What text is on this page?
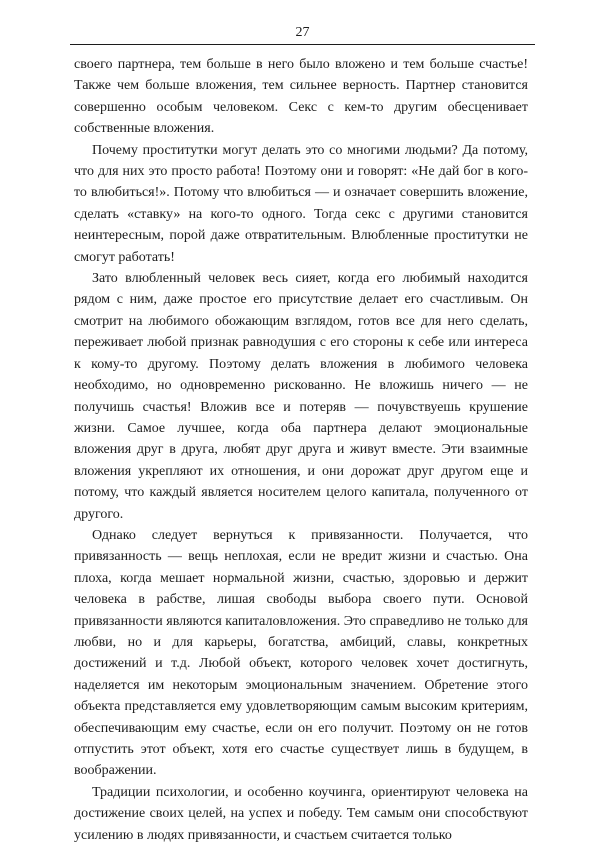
27

своего партнера, тем больше в него было вложено и тем больше счастье! Также чем больше вложения, тем сильнее верность. Партнер становится совершенно особым человеком. Секс с кем-то другим обесценивает собственные вложения.

Почему проститутки могут делать это со многими людьми? Да потому, что для них это просто работа! Поэтому они и говорят: «Не дай бог в кого-то влюбиться!». Потому что влюбиться — и означает совершить вложение, сделать «ставку» на кого-то одного. Тогда секс с другими становится неинтересным, порой даже отвратительным. Влюбленные проститутки не смогут работать!

Зато влюбленный человек весь сияет, когда его любимый находится рядом с ним, даже простое его присутствие делает его счастливым. Он смотрит на любимого обожающим взглядом, готов все для него сделать, переживает любой признак равнодушия с его стороны к себе или интереса к кому-то другому. Поэтому делать вложения в любимого человека необходимо, но одновременно рискованно. Не вложишь ничего — не получишь счастья! Вложив все и потеряв — почувствуешь крушение жизни. Самое лучшее, когда оба партнера делают эмоциональные вложения друг в друга, любят друг друга и живут вместе. Эти взаимные вложения укрепляют их отношения, и они дорожат друг другом еще и потому, что каждый является носителем целого капитала, полученного от другого.

Однако следует вернуться к привязанности. Получается, что привязанность — вещь неплохая, если не вредит жизни и счастью. Она плоха, когда мешает нормальной жизни, счастью, здоровью и держит человека в рабстве, лишая свободы выбора своего пути. Основой привязанности являются капиталовложения. Это справедливо не только для любви, но и для карьеры, богатства, амбиций, славы, конкретных достижений и т.д. Любой объект, которого человек хочет достигнуть, наделяется им некоторым эмоциональным значением. Обретение этого объекта представляется ему удовлетворяющим самым высоким критериям, обеспечивающим ему счастье, если он его получит. Поэтому он не готов отпустить этот объект, хотя его счастье существует лишь в будущем, в воображении.

Традиции психологии, и особенно коучинга, ориентируют человека на достижение своих целей, на успех и победу. Тем самым они способствуют усилению в людях привязанности, и счастьем считается только
